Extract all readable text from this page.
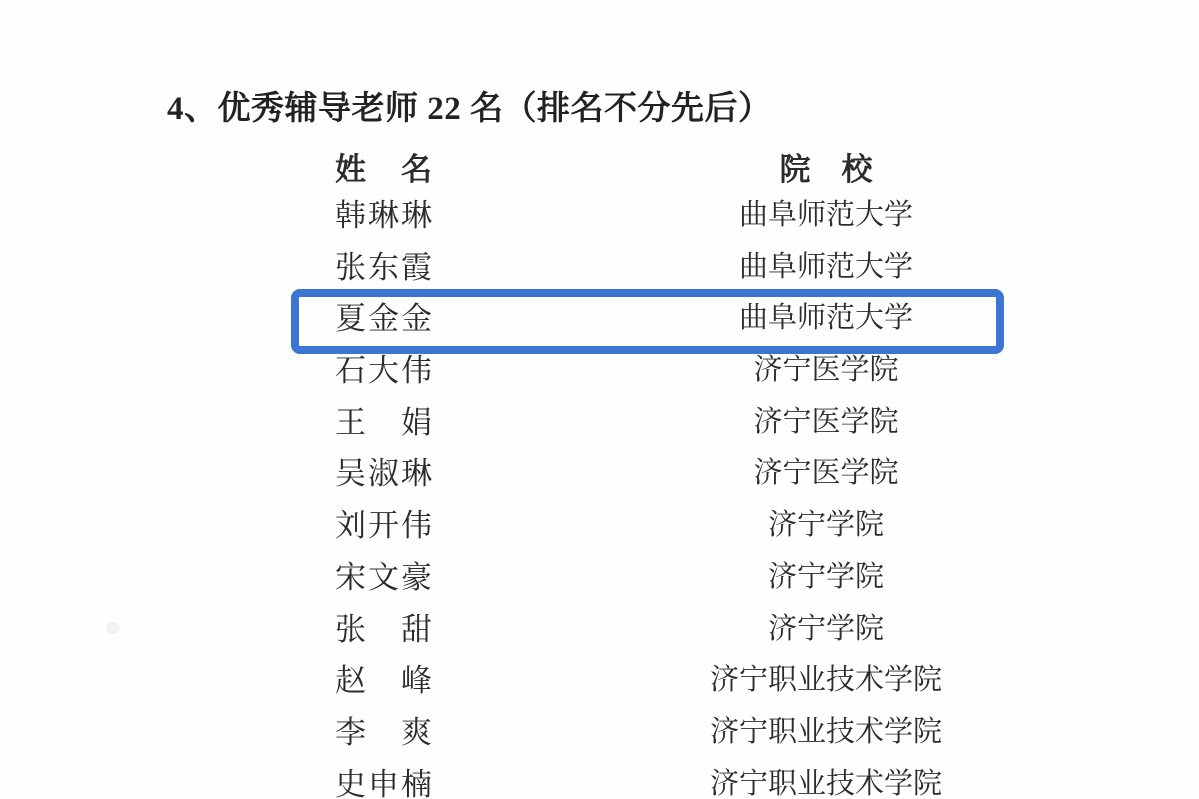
4、优秀辅导老师 22 名（排名不分先后）
姓　名	院　校
韩琳琳	曲阜师范大学
张东霞	曲阜师范大学
夏金金	曲阜师范大学
石大伟	济宁医学院
王　娟	济宁医学院
吴淑琳	济宁医学院
刘开伟	济宁学院
宋文豪	济宁学院
张　甜	济宁学院
赵　峰	济宁职业技术学院
李　爽	济宁职业技术学院
史申楠	济宁职业技术学院
